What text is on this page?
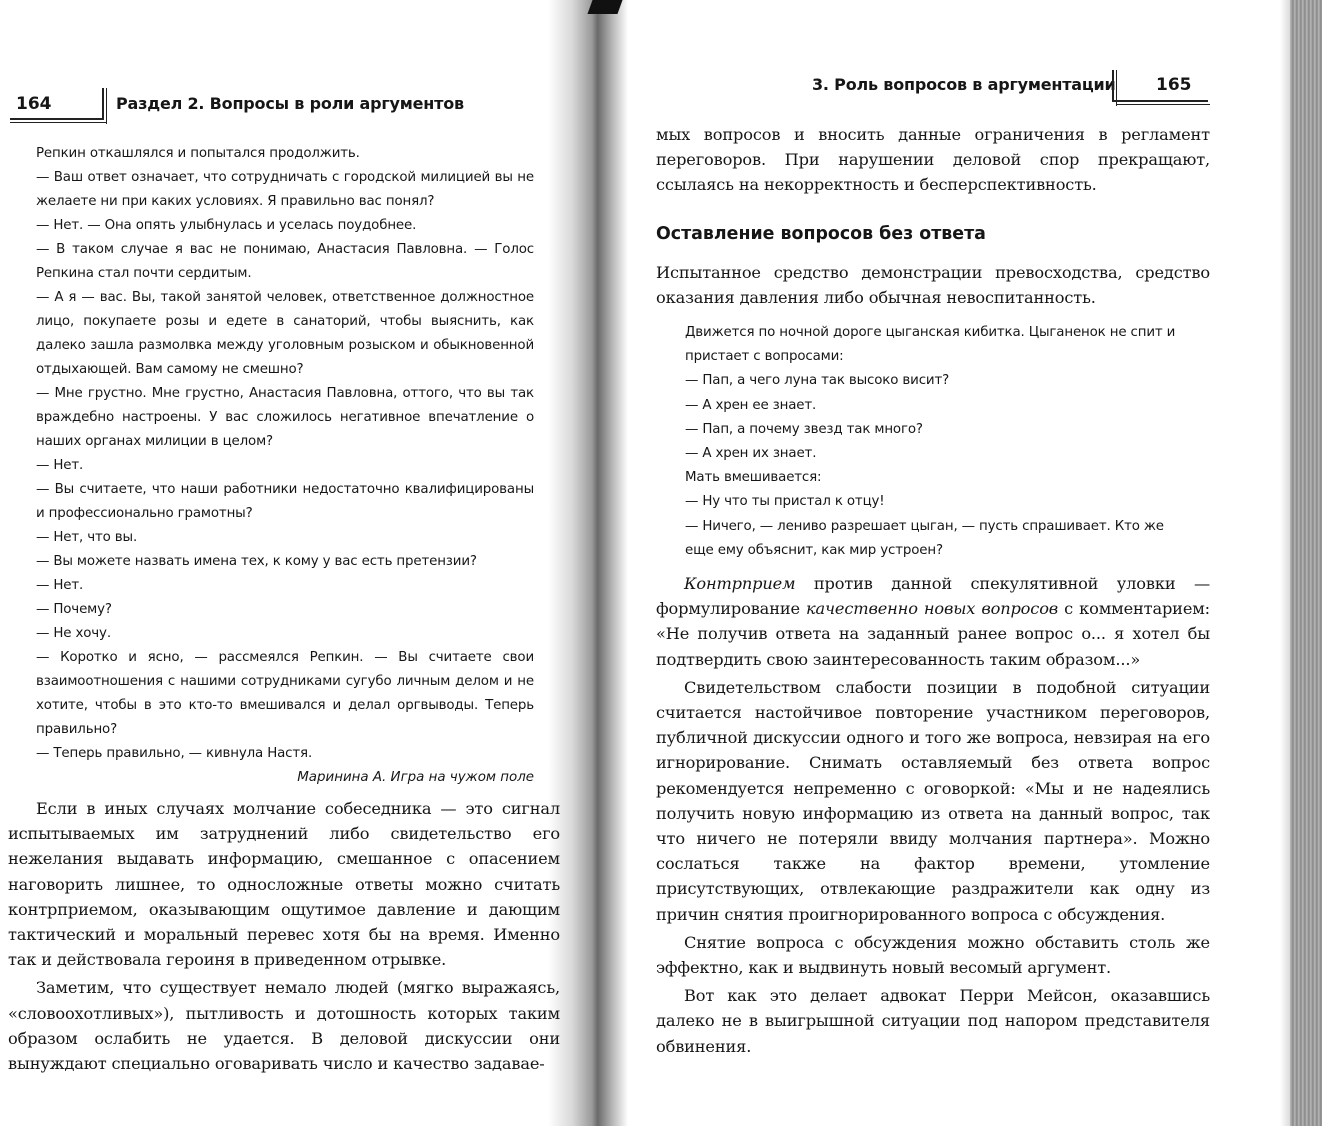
164	Раздел 2. Вопросы в роли аргументов

Репкин откашлялся и попытался продолжить.

— Ваш ответ означает, что сотрудничать с городской милицией вы не желаете ни при каких условиях. Я правильно вас понял?

— Нет. — Она опять улыбнулась и уселась поудобнее.

— В таком случае я вас не понимаю, Анастасия Павловна. — Голос Репкина стал почти сердитым.

— А я — вас. Вы, такой занятой человек, ответственное должностное лицо, покупаете розы и едете в санаторий, чтобы выяснить, как далеко зашла размолвка между уголовным розыском и обыкновенной отдыхающей. Вам самому не смешно?

— Мне грустно. Мне грустно, Анастасия Павловна, оттого, что вы так враждебно настроены. У вас сложилось негативное впечатление о наших органах милиции в целом?

— Нет.

— Вы считаете, что наши работники недостаточно квалифицированы и профессионально грамотны?

— Нет, что вы.

— Вы можете назвать имена тех, к кому у вас есть претензии?

— Нет.

— Почему?

— Не хочу.

— Коротко и ясно, — рассмеялся Репкин. — Вы считаете свои взаимоотношения с нашими сотрудниками сугубо личным делом и не хотите, чтобы в это кто-то вмешивался и делал оргвыводы. Теперь правильно?

— Теперь правильно, — кивнула Настя.

Маринина А. Игра на чужом поле

Если в иных случаях молчание собеседника — это сигнал испытываемых им затруднений либо свидетельство его нежелания выдавать информацию, смешанное с опасением наговорить лишнее, то односложные ответы можно считать контрприемом, оказывающим ощутимое давление и дающим тактический и моральный перевес хотя бы на время. Именно так и действовала героиня в приведенном отрывке.

Заметим, что существует немало людей (мягко выражаясь, «словоохотливых»), пытливость и дотошность которых таким образом ослабить не удается. В деловой дискуссии они вынуждают специально оговаривать число и качество задавае-

3. Роль вопросов в аргументации 165

мых вопросов и вносить данные ограничения в регламент переговоров. При нарушении деловой спор прекращают, ссылаясь на некорректность и бесперспективность.

Оставление вопросов без ответа

Испытанное средство демонстрации превосходства, средство оказания давления либо обычная невоспитанность.

Движется по ночной дороге цыганская кибитка. Цыганенок не спит и пристает с вопросами:

— Пап, а чего луна так высоко висит?

— А хрен ее знает.

— Пап, а почему звезд так много?

— А хрен их знает.

Мать вмешивается:

— Ну что ты пристал к отцу!

— Ничего, — лениво разрешает цыган, — пусть спрашивает. Кто же еще ему объяснит, как мир устроен?

Контрприем против данной спекулятивной уловки — формулирование качественно новых вопросов с комментарием: «Не получив ответа на заданный ранее вопрос о... я хотел бы подтвердить свою заинтересованность таким образом...»

Свидетельством слабости позиции в подобной ситуации считается настойчивое повторение участником переговоров, публичной дискуссии одного и того же вопроса, невзирая на его игнорирование. Снимать оставляемый без ответа вопрос рекомендуется непременно с оговоркой: «Мы и не надеялись получить новую информацию из ответа на данный вопрос, так что ничего не потеряли ввиду молчания партнера». Можно сослаться также на фактор времени, утомление присутствующих, отвлекающие раздражители как одну из причин снятия проигнорированного вопроса с обсуждения.

Снятие вопроса с обсуждения можно обставить столь же эффектно, как и выдвинуть новый весомый аргумент.

Вот как это делает адвокат Перри Мейсон, оказавшись далеко не в выигрышной ситуации под напором представителя обвинения.
